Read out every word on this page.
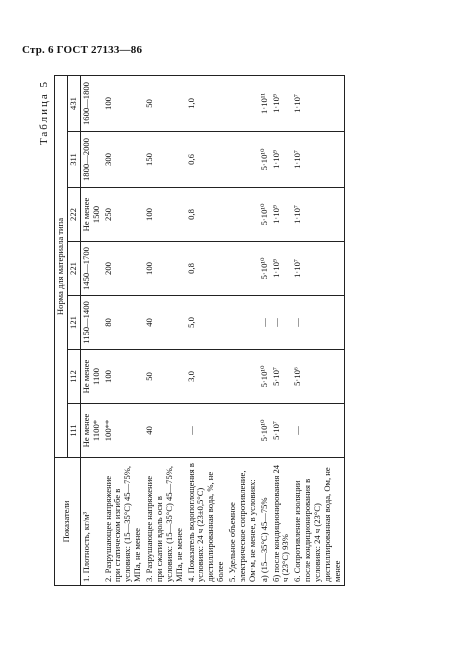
Стр. 6 ГОСТ 27133—86
Таблица 5
Показатели	Норма для материала типа						
	111	112	121	221	222	311	431
1. Плотность, кг/м³	Не менее 1100*	Не менее 1100	1150—1400	1450—1700	Не менее 1500	1800—2000	1600—1800
2. Разрушающее напряжение при статическом изгибе в условиях: (15—35°С) 45—75%, МПа, не менее	100**	100	80	200	250	300	100
3. Разрушающее напряжение при сжатии вдоль оси в условиях: (15—35°С) 45—75%, МПа, не менее	40	50	40	100	100	150	50
4. Показатель водопоглощения в условиях: 24 ч (23±0,5°С) дистиллированная вода, %, не более	—	3,0	5,0	0,8	0,8	0,6	1,0
5. Удельное объемное электрическое сопротивление, Ом·м, не менее, в условиях:							
а) (15—35°С) 45—75%	5·10¹⁰	5·10¹⁰	—	5·10¹⁰	5·10¹⁰	5·10¹⁰	1·10¹¹
б) после кондиционирования 24 ч (23°С) 93%	5·10⁷	5·10⁷	—	1·10⁹	1·10⁹	1·10⁹	1·10⁹
6. Сопротивление изоляции после кондиционирования в условиях: 24 ч (23°С) дистиллированная вода, Ом, не менее	—	5·10⁶	—	1·10⁷	1·10⁷	1·10⁷	1·10⁷
